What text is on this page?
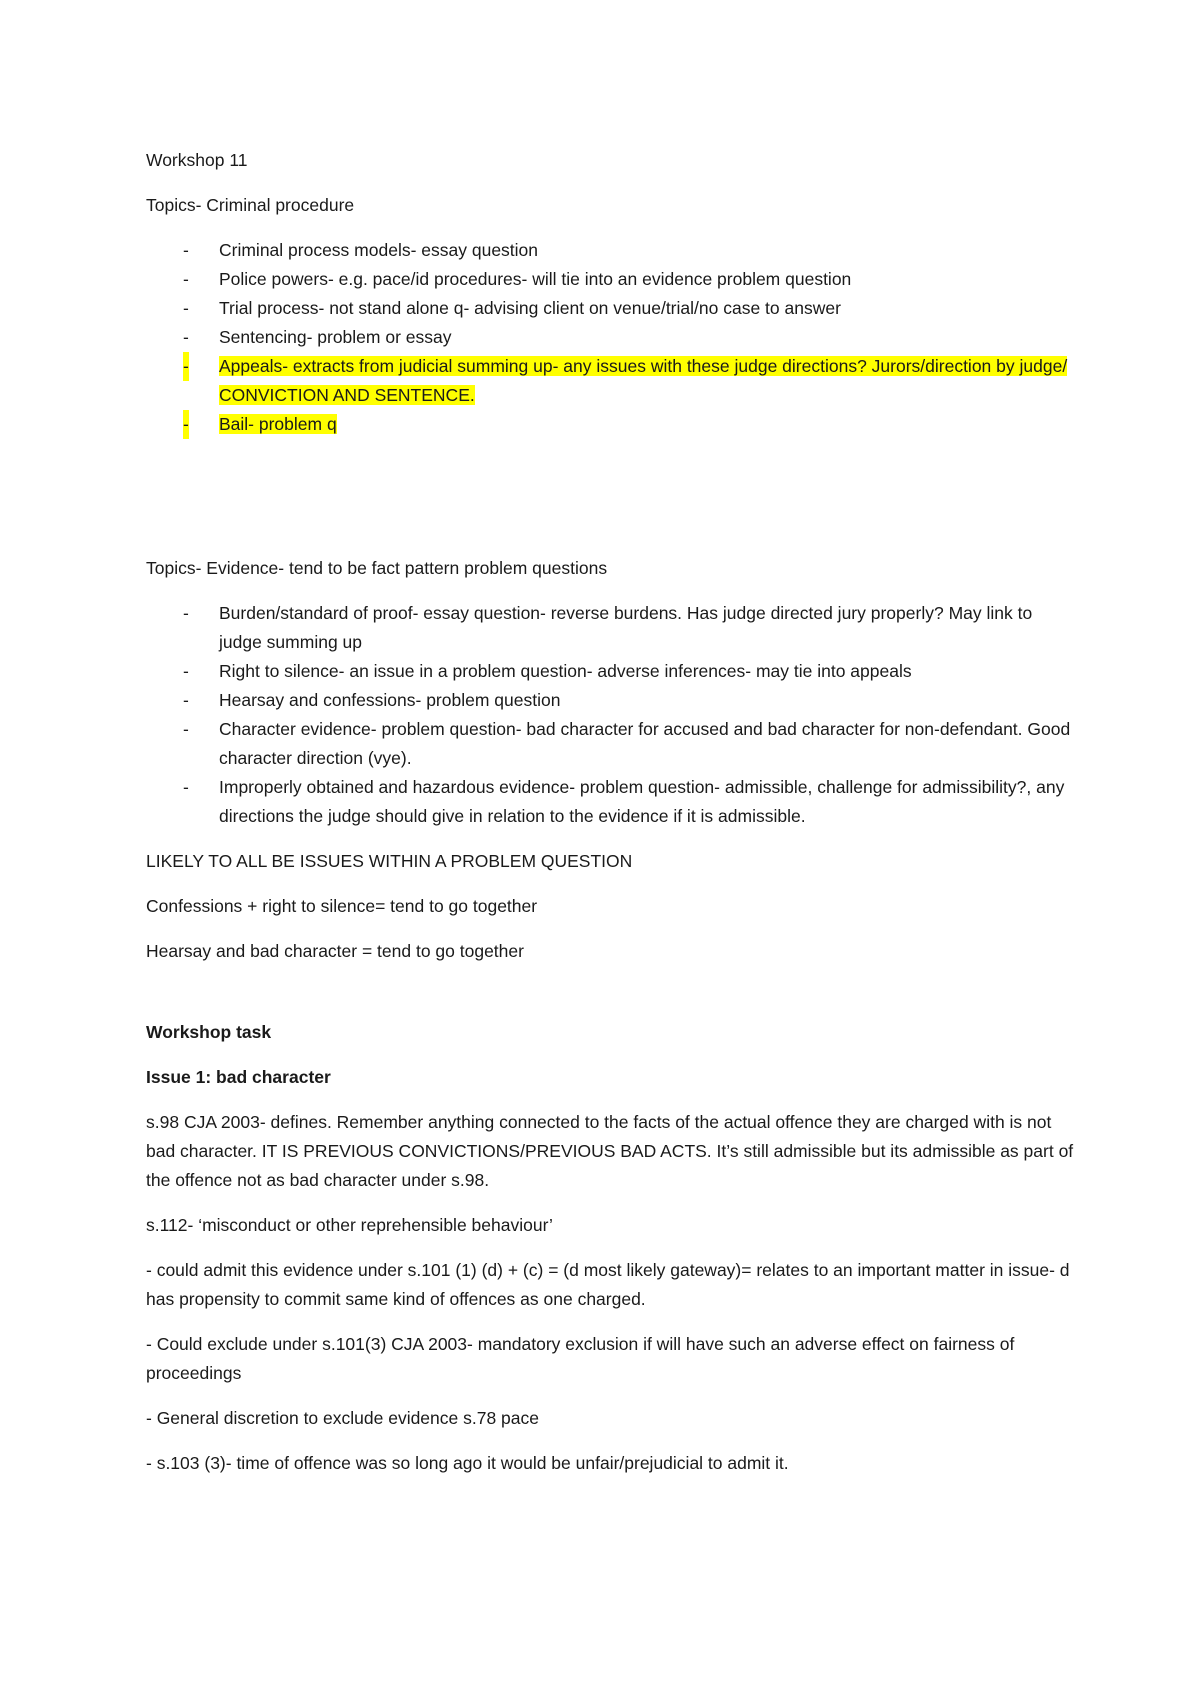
Workshop 11

Topics- Criminal procedure

- Criminal process models- essay question
- Police powers- e.g. pace/id procedures- will tie into an evidence problem question
- Trial process- not stand alone q- advising client on venue/trial/no case to answer
- Sentencing- problem or essay
- Appeals- extracts from judicial summing up- any issues with these judge directions? Jurors/direction by judge/ CONVICTION AND SENTENCE.
- Bail- problem q

Topics- Evidence- tend to be fact pattern problem questions

- Burden/standard of proof- essay question- reverse burdens. Has judge directed jury properly? May link to judge summing up
- Right to silence- an issue in a problem question- adverse inferences- may tie into appeals
- Hearsay and confessions- problem question
- Character evidence- problem question- bad character for accused and bad character for non-defendant. Good character direction (vye).
- Improperly obtained and hazardous evidence- problem question- admissible, challenge for admissibility?, any directions the judge should give in relation to the evidence if it is admissible.

LIKELY TO ALL BE ISSUES WITHIN A PROBLEM QUESTION

Confessions + right to silence= tend to go together

Hearsay and bad character = tend to go together

Workshop task

Issue 1: bad character

s.98 CJA 2003- defines. Remember anything connected to the facts of the actual offence they are charged with is not bad character. IT IS PREVIOUS CONVICTIONS/PREVIOUS BAD ACTS. It’s still admissible but its admissible as part of the offence not as bad character under s.98.

s.112- ‘misconduct or other reprehensible behaviour’

- could admit this evidence under s.101 (1) (d) + (c) = (d most likely gateway)= relates to an important matter in issue- d has propensity to commit same kind of offences as one charged.

- Could exclude under s.101(3) CJA 2003- mandatory exclusion if will have such an adverse effect on fairness of proceedings

- General discretion to exclude evidence s.78 pace

- s.103 (3)- time of offence was so long ago it would be unfair/prejudicial to admit it.
